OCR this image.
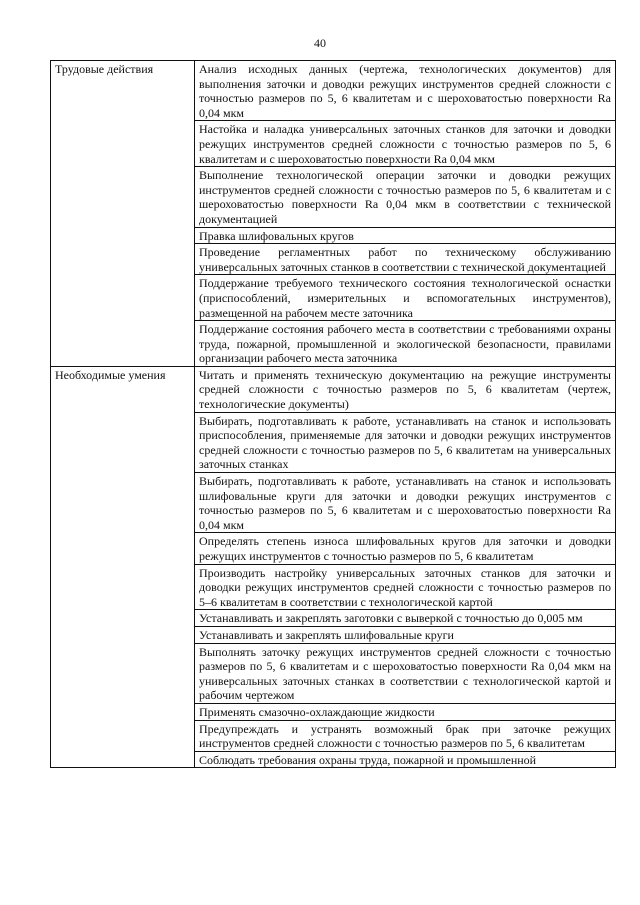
40
Трудовые действия	Анализ исходных данных (чертежа, технологических документов) для выполнения заточки и доводки режущих инструментов средней сложности с точностью размеров по 5, 6 квалитетам и с шероховатостью поверхности Ra 0,04 мкм
	Настойка и наладка универсальных заточных станков для заточки и доводки режущих инструментов средней сложности с точностью размеров по 5, 6 квалитетам и с шероховатостью поверхности Ra 0,04 мкм
	Выполнение технологической операции заточки и доводки режущих инструментов средней сложности с точностью размеров по 5, 6 квалитетам и с шероховатостью поверхности Ra 0,04 мкм в соответствии с технической документацией
	Правка шлифовальных кругов
	Проведение регламентных работ по техническому обслуживанию универсальных заточных станков в соответствии с технической документацией
	Поддержание требуемого технического состояния технологической оснастки (приспособлений, измерительных и вспомогательных инструментов), размещенной на рабочем месте заточника
	Поддержание состояния рабочего места в соответствии с требованиями охраны труда, пожарной, промышленной и экологической безопасности, правилами организации рабочего места заточника
Необходимые умения	Читать и применять техническую документацию на режущие инструменты средней сложности с точностью размеров по 5, 6 квалитетам (чертеж, технологические документы)
	Выбирать, подготавливать к работе, устанавливать на станок и использовать приспособления, применяемые для заточки и доводки режущих инструментов средней сложности с точностью размеров по 5, 6 квалитетам на универсальных заточных станках
	Выбирать, подготавливать к работе, устанавливать на станок и использовать шлифовальные круги для заточки и доводки режущих инструментов с точностью размеров по 5, 6 квалитетам и с шероховатостью поверхности Ra 0,04 мкм
	Определять степень износа шлифовальных кругов для заточки и доводки режущих инструментов с точностью размеров по 5, 6 квалитетам
	Производить настройку универсальных заточных станков для заточки и доводки режущих инструментов средней сложности с точностью размеров по 5–6 квалитетам в соответствии с технологической картой
	Устанавливать и закреплять заготовки с выверкой с точностью до 0,005 мм
	Устанавливать и закреплять шлифовальные круги
	Выполнять заточку режущих инструментов средней сложности с точностью размеров по 5, 6 квалитетам и с шероховатостью поверхности Ra 0,04 мкм на универсальных заточных станках в соответствии с технологической картой и рабочим чертежом
	Применять смазочно-охлаждающие жидкости
	Предупреждать и устранять возможный брак при заточке режущих инструментов средней сложности с точностью размеров по 5, 6 квалитетам
	Соблюдать требования охраны труда, пожарной и промышленной
